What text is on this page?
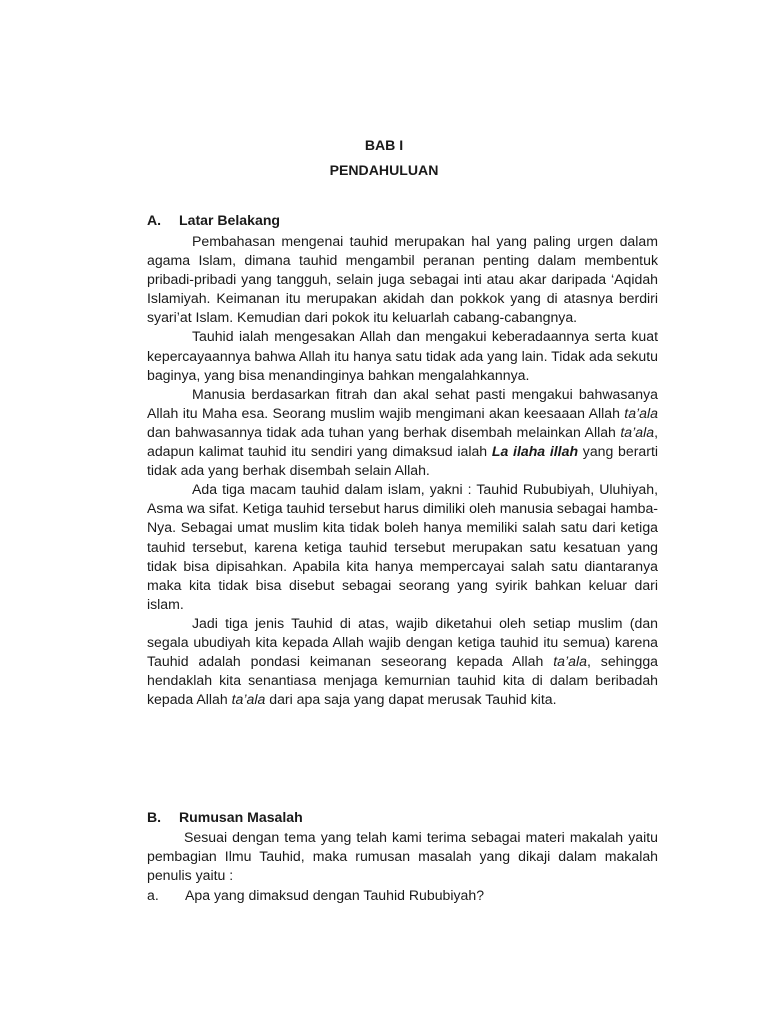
BAB I
PENDAHULUAN
A. Latar Belakang

Pembahasan mengenai tauhid merupakan hal yang paling urgen dalam agama Islam, dimana tauhid mengambil peranan penting dalam membentuk pribadi-pribadi yang tangguh, selain juga sebagai inti atau akar daripada ‘Aqidah Islamiyah. Keimanan itu merupakan akidah dan pokkok yang di atasnya berdiri syari’at Islam. Kemudian dari pokok itu keluarlah cabang-cabangnya.

Tauhid ialah mengesakan Allah dan mengakui keberadaannya serta kuat kepercayaannya bahwa Allah itu hanya satu tidak ada yang lain. Tidak ada sekutu baginya, yang bisa menandinginya bahkan mengalahkannya.

Manusia berdasarkan fitrah dan akal sehat pasti mengakui bahwasanya Allah itu Maha esa. Seorang muslim wajib mengimani akan keesaaan Allah ta’ala dan bahwasannya tidak ada tuhan yang berhak disembah melainkan Allah ta’ala, adapun kalimat tauhid itu sendiri yang dimaksud ialah La ilaha illah yang berarti tidak ada yang berhak disembah selain Allah.

Ada tiga macam tauhid dalam islam, yakni : Tauhid Rububiyah, Uluhiyah, Asma wa sifat. Ketiga tauhid tersebut harus dimiliki oleh manusia sebagai hamba-Nya. Sebagai umat muslim kita tidak boleh hanya memiliki salah satu dari ketiga tauhid tersebut, karena ketiga tauhid tersebut merupakan satu kesatuan yang tidak bisa dipisahkan. Apabila kita hanya mempercayai salah satu diantaranya maka kita tidak bisa disebut sebagai seorang yang syirik bahkan keluar dari islam.

Jadi tiga jenis Tauhid di atas, wajib diketahui oleh setiap muslim (dan segala ubudiyah kita kepada Allah wajib dengan ketiga tauhid itu semua) karena Tauhid adalah pondasi keimanan seseorang kepada Allah ta’ala, sehingga hendaklah kita senantiasa menjaga kemurnian tauhid kita di dalam beribadah kepada Allah ta’ala dari apa saja yang dapat merusak Tauhid kita.

B. Rumusan Masalah

Sesuai dengan tema yang telah kami terima sebagai materi makalah yaitu pembagian Ilmu Tauhid, maka rumusan masalah yang dikaji dalam makalah penulis yaitu :

a. Apa yang dimaksud dengan Tauhid Rububiyah?
